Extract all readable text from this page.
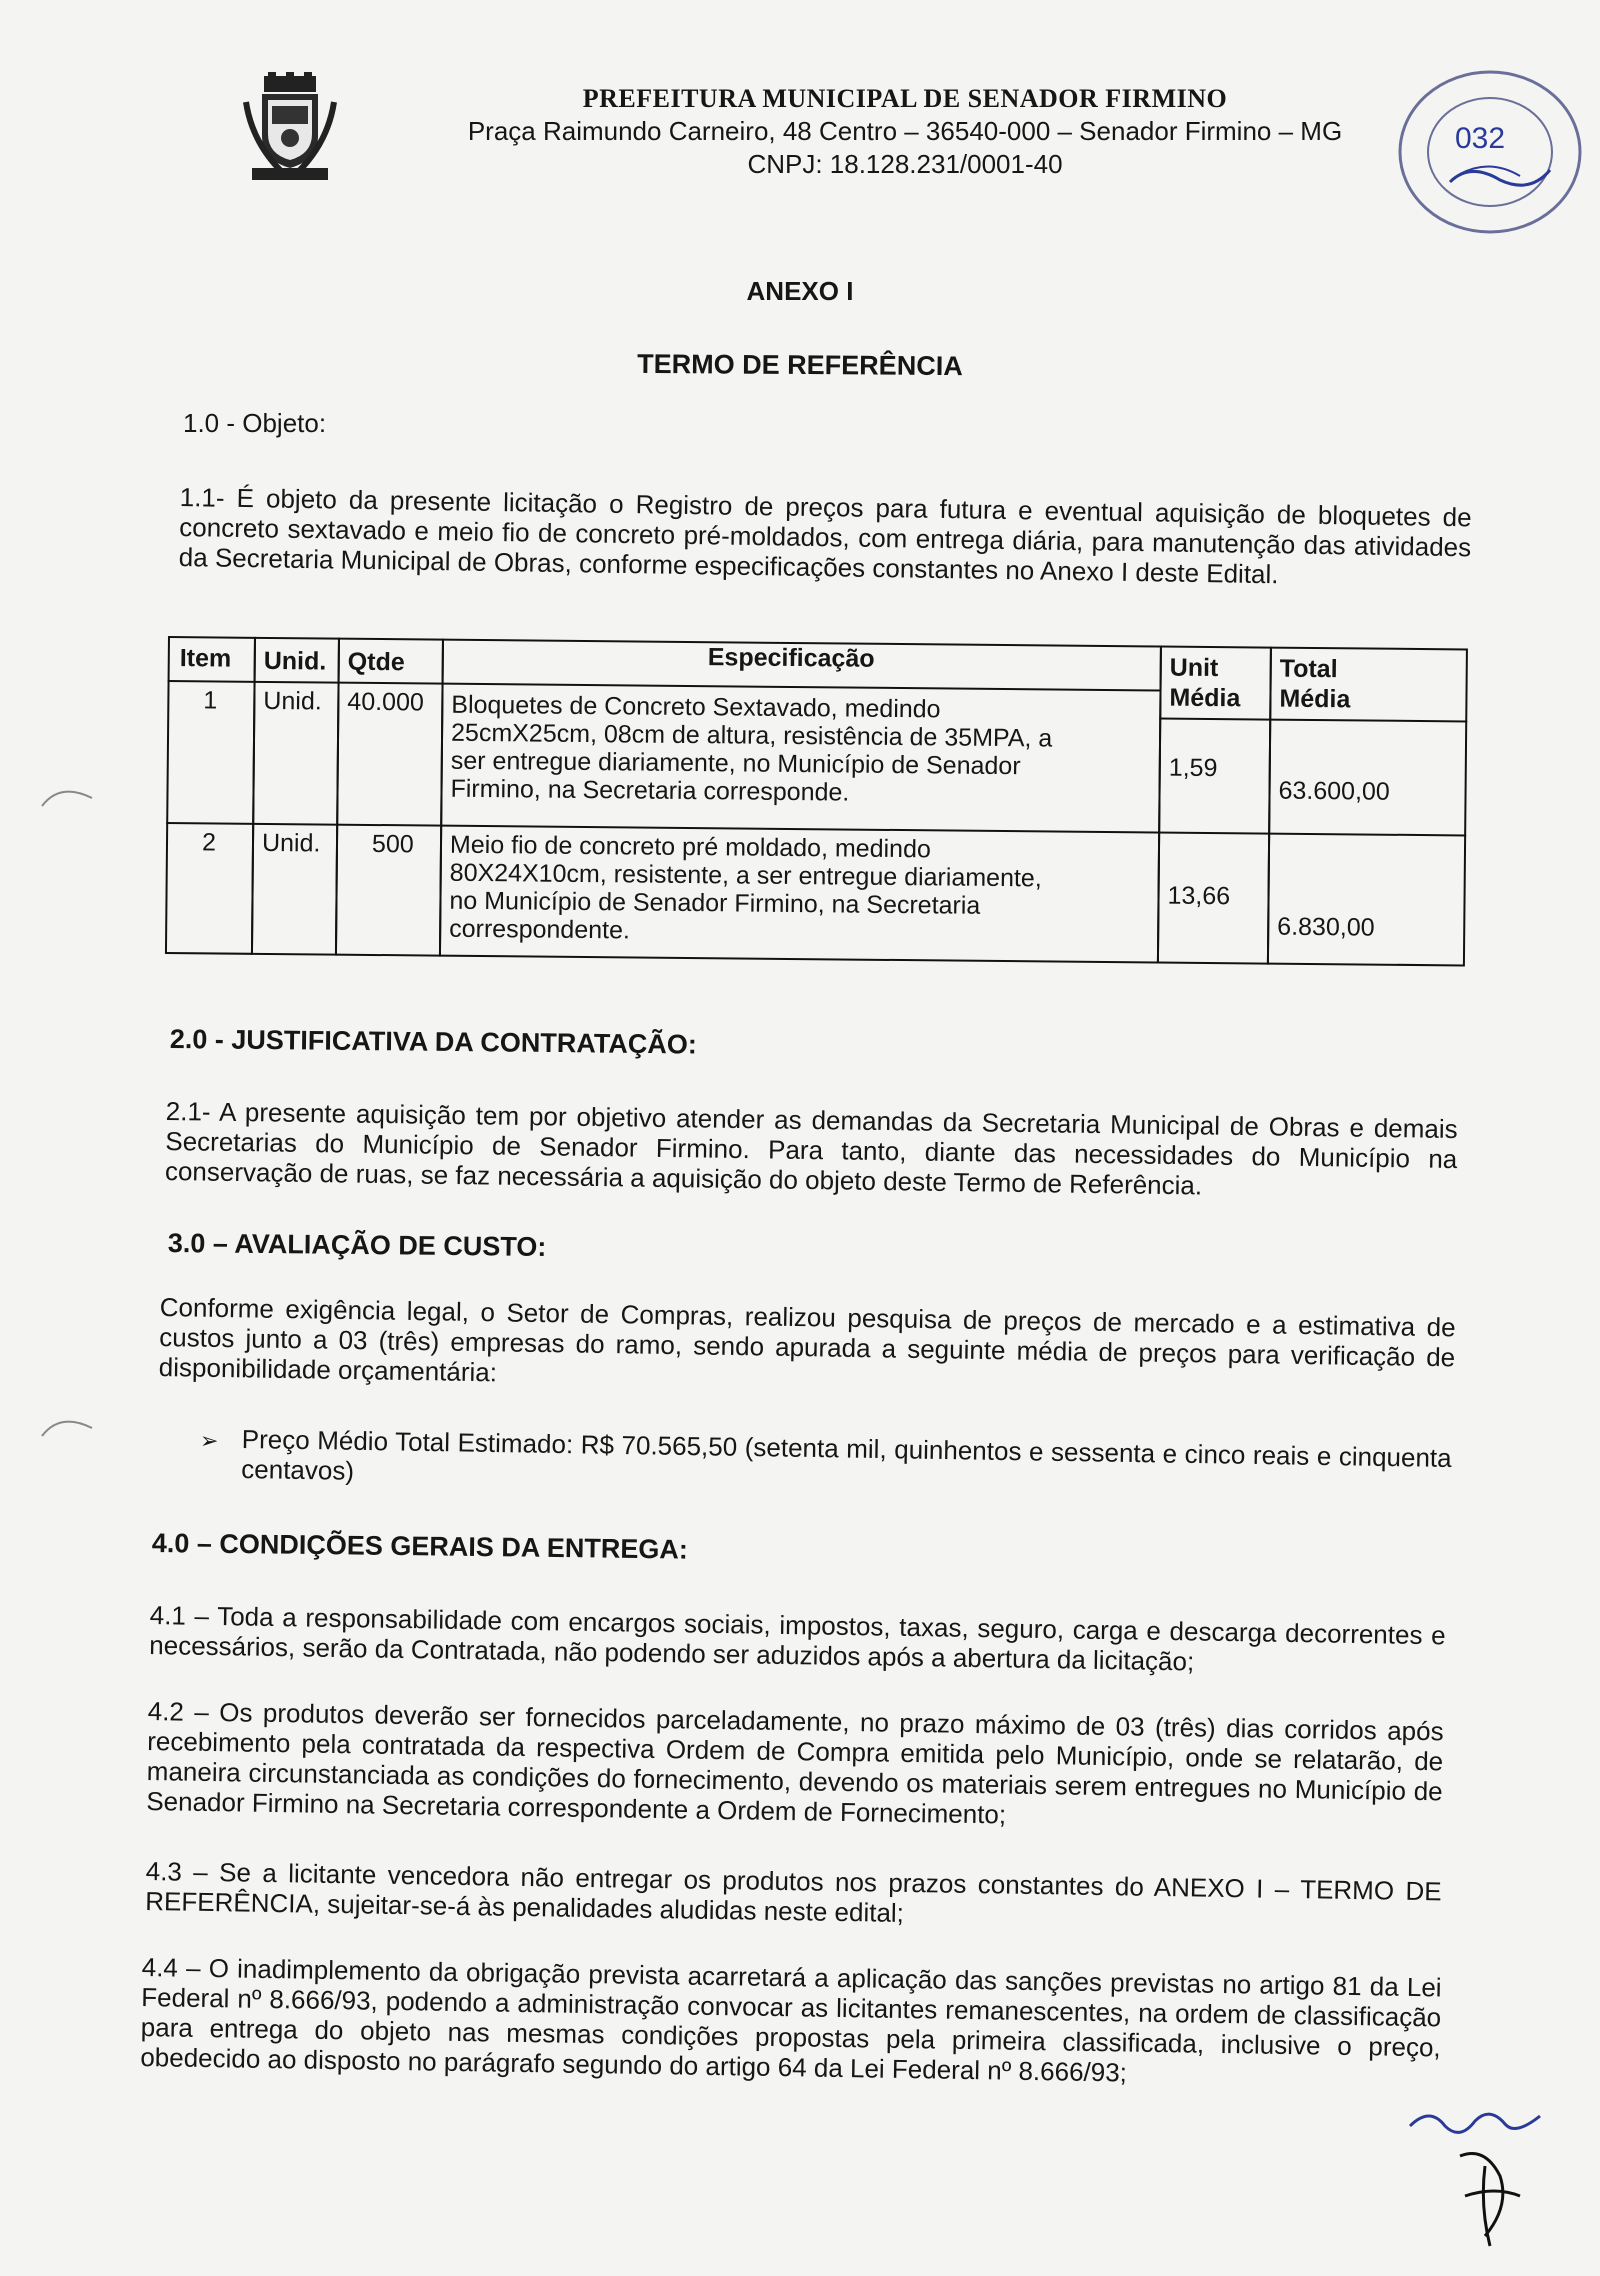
PREFEITURA MUNICIPAL DE SENADOR FIRMINO
Praça Raimundo Carneiro, 48 Centro – 36540-000 – Senador Firmino – MG
CNPJ: 18.128.231/0001-40
032
ANEXO I
TERMO DE REFERÊNCIA
1.0 - Objeto:
1.1- É objeto da presente licitação o Registro de preços para futura e eventual aquisição de bloquetes de concreto sextavado e meio fio de concreto pré-moldados, com entrega diária, para manutenção das atividades da Secretaria Municipal de Obras, conforme especificações constantes no Anexo I deste Edital.
Item Unid. Qtde	Especificação	Unit
Média
Total
Média
1 Unid. 40.000 Bloquetes de Concreto Sextavado, medindo
25cmX25cm, 08cm de altura, resistência de 35MPA, a
ser entregue diariamente, no Município de Senador
Firmino, na Secretaria corresponde.
1,59
63.600,00
2 Unid. 500 Meio fio de concreto pré moldado, medindo
80X24X10cm, resistente, a ser entregue diariamente,
no Município de Senador Firmino, na Secretaria
correspondente.
13,66
6.830,00
2.0 - JUSTIFICATIVA DA CONTRATAÇÃO:
2.1- A presente aquisição tem por objetivo atender as demandas da Secretaria Municipal de Obras e demais Secretarias do Município de Senador Firmino. Para tanto, diante das necessidades do Município na conservação de ruas, se faz necessária a aquisição do objeto deste Termo de Referência.
3.0 – AVALIAÇÃO DE CUSTO:
Conforme exigência legal, o Setor de Compras, realizou pesquisa de preços de mercado e a estimativa de custos junto a 03 (três) empresas do ramo, sendo apurada a seguinte média de preços para verificação de disponibilidade orçamentária:
➢ Preço Médio Total Estimado: R$ 70.565,50 (setenta mil, quinhentos e sessenta e cinco reais e cinquenta centavos)
4.0 – CONDIÇÕES GERAIS DA ENTREGA:
4.1 – Toda a responsabilidade com encargos sociais, impostos, taxas, seguro, carga e descarga decorrentes e necessários, serão da Contratada, não podendo ser aduzidos após a abertura da licitação;
4.2 – Os produtos deverão ser fornecidos parceladamente, no prazo máximo de 03 (três) dias corridos após recebimento pela contratada da respectiva Ordem de Compra emitida pelo Município, onde se relatarão, de maneira circunstanciada as condições do fornecimento, devendo os materiais serem entregues no Município de Senador Firmino na Secretaria correspondente a Ordem de Fornecimento;
4.3 – Se a licitante vencedora não entregar os produtos nos prazos constantes do ANEXO I – TERMO DE REFERÊNCIA, sujeitar-se-á às penalidades aludidas neste edital;
4.4 – O inadimplemento da obrigação prevista acarretará a aplicação das sanções previstas no artigo 81 da Lei Federal nº 8.666/93, podendo a administração convocar as licitantes remanescentes, na ordem de classificação para entrega do objeto nas mesmas condições propostas pela primeira classificada, inclusive o preço, obedecido ao disposto no parágrafo segundo do artigo 64 da Lei Federal nº 8.666/93;
